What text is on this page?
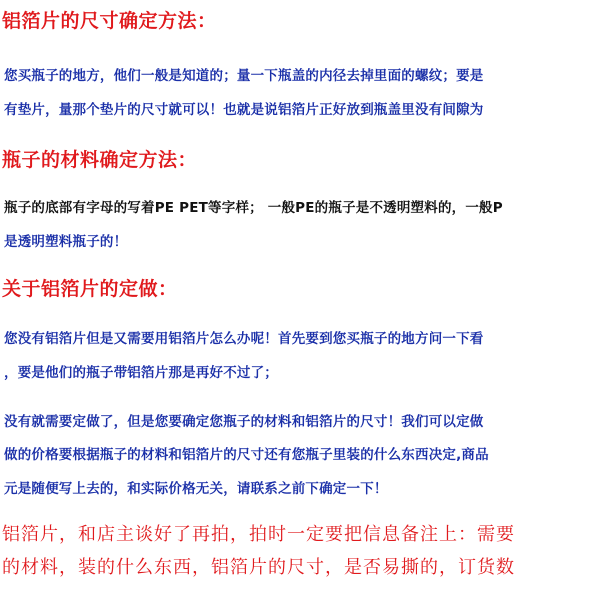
铝箔片的尺寸确定方法：
您买瓶子的地方，他们一般是知道的；量一下瓶盖的内径去掉里面的螺纹；要是
有垫片，量那个垫片的尺寸就可以！也就是说铝箔片正好放到瓶盖里没有间隙为
瓶子的材料确定方法：
瓶子的底部有字母的写着PE PET等字样； 一般PE的瓶子是不透明塑料的，一般P
是透明塑料瓶子的！
关于铝箔片的定做：
您没有铝箔片但是又需要用铝箔片怎么办呢！首先要到您买瓶子的地方问一下看
，要是他们的瓶子带铝箔片那是再好不过了；
没有就需要定做了，但是您要确定您瓶子的材料和铝箔片的尺寸！我们可以定做
做的价格要根据瓶子的材料和铝箔片的尺寸还有您瓶子里装的什么东西决定,商品
元是随便写上去的，和实际价格无关，请联系之前下确定一下！
铝箔片，和店主谈好了再拍，拍时一定要把信息备注上：需要
的材料，装的什么东西，铝箔片的尺寸，是否易撕的，订货数
